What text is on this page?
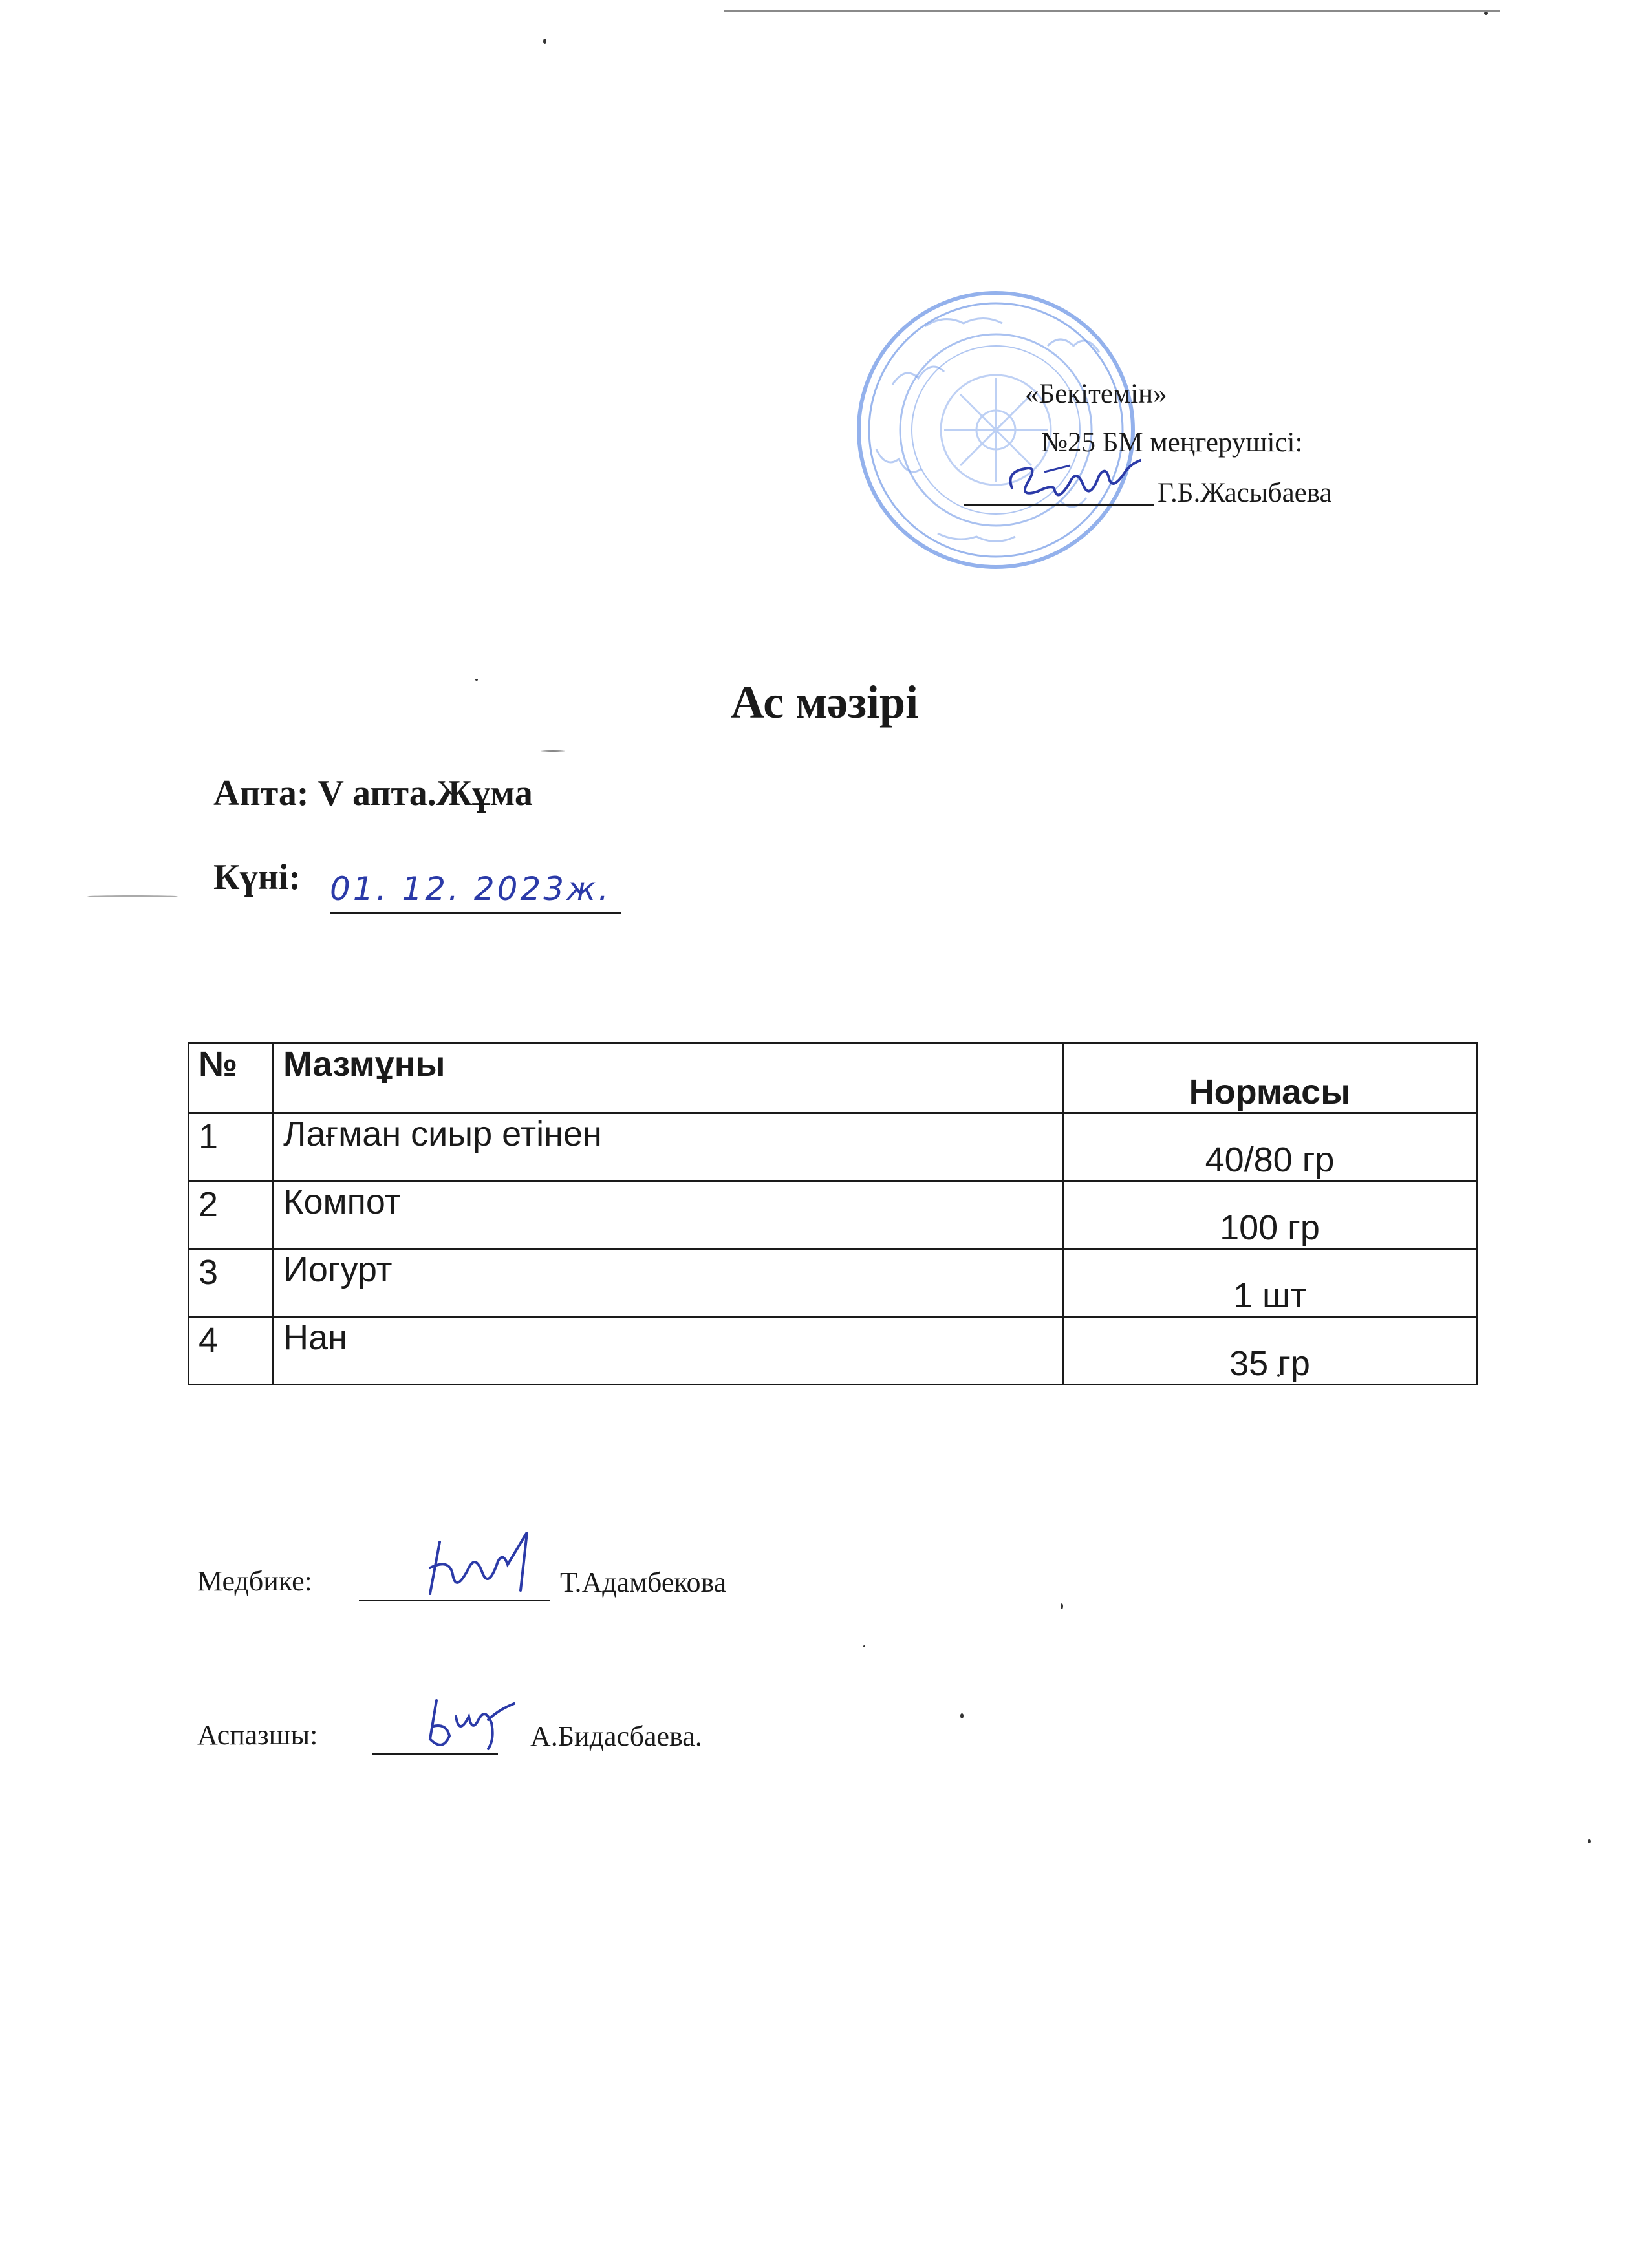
«Бекітемін»
№25 БМ меңгерушісі:
Г.Б.Жасыбаева
Ас мәзірі
Апта: V апта.Жұма
Күні: 01. 12. 2023ж.
№	Мазмұны	Нормасы
1	Лағман сиыр етінен	40/80 гр
2	Компот	100 гр
3	Иогурт	1 шт
4	Нан	35 гр
Медбике:	Т.Адамбекова
Аспазшы:	А.Бидасбаева.
